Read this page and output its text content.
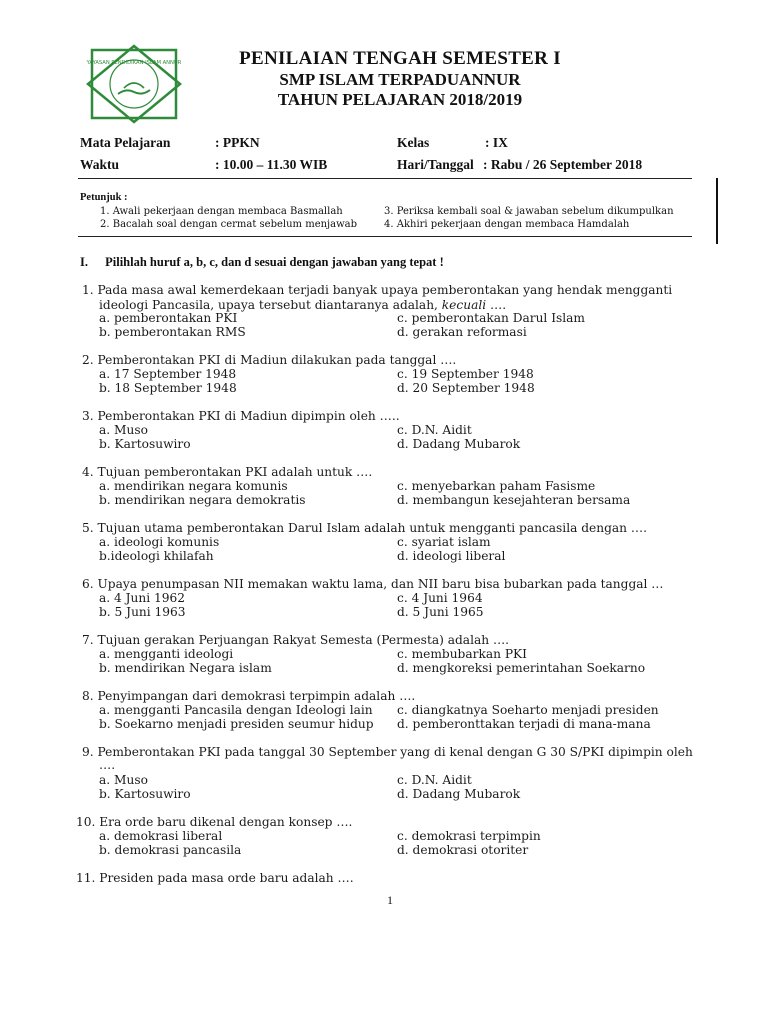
YAYASAN PENDIDIKAN ISLAM ANNUR	PENILAIAN TENGAH SEMESTER I
SMP ISLAM TERPADUANNUR
TAHUN PELAJARAN 2018/2019
Mata Pelajaran	: PPKN	Kelas	: IX
Waktu	: 10.00 – 11.30 WIB	Hari/Tanggal : Rabu / 26 September 2018
Petunjuk :
1. Awali pekerjaan dengan membaca Basmallah
2. Bacalah soal dengan cermat sebelum menjawab
3. Periksa kembali soal & jawaban sebelum dikumpulkan
4. Akhiri pekerjaan dengan membaca Hamdalah
I. Pilihlah huruf a, b, c, dan d sesuai dengan jawaban yang tepat !
1. Pada masa awal kemerdekaan terjadi banyak upaya pemberontakan yang hendak mengganti
ideologi Pancasila, upaya tersebut diantaranya adalah, kecuali ….
a. pemberontakan PKI
b. pemberontakan RMS
c. pemberontakan Darul Islam
d. gerakan reformasi
2. Pemberontakan PKI di Madiun dilakukan pada tanggal ….
a. 17 September 1948
b. 18 September 1948
c. 19 September 1948
d. 20 September 1948
3. Pemberontakan PKI di Madiun dipimpin oleh …..
a. Muso
b. Kartosuwiro
c. D.N. Aidit
d. Dadang Mubarok
4. Tujuan pemberontakan PKI adalah untuk ….
a. mendirikan negara komunis
b. mendirikan negara demokratis
c. menyebarkan paham Fasisme
d. membangun kesejahteran bersama
5. Tujuan utama pemberontakan Darul Islam adalah untuk mengganti pancasila dengan ….
a. ideologi komunis
b.ideologi khilafah
c. syariat islam
d. ideologi liberal
6. Upaya penumpasan NII memakan waktu lama, dan NII baru bisa bubarkan pada tanggal …
a. 4 Juni 1962
b. 5 Juni 1963
c. 4 Juni 1964
d. 5 Juni 1965
7. Tujuan gerakan Perjuangan Rakyat Semesta (Permesta) adalah ….
a. mengganti ideologi
b. mendirikan Negara islam
c. membubarkan PKI
d. mengkoreksi pemerintahan Soekarno
8. Penyimpangan dari demokrasi terpimpin adalah ….
a. mengganti Pancasila dengan Ideologi lain
b. Soekarno menjadi presiden seumur hidup
c. diangkatnya Soeharto menjadi presiden
d. pemberonttakan terjadi di mana-mana
9. Pemberontakan PKI pada tanggal 30 September yang di kenal dengan G 30 S/PKI dipimpin oleh
….
a. Muso
b. Kartosuwiro
c. D.N. Aidit
d. Dadang Mubarok
10. Era orde baru dikenal dengan konsep ….
a. demokrasi liberal
b. demokrasi pancasila
c. demokrasi terpimpin
d. demokrasi otoriter
11. Presiden pada masa orde baru adalah ….
1
